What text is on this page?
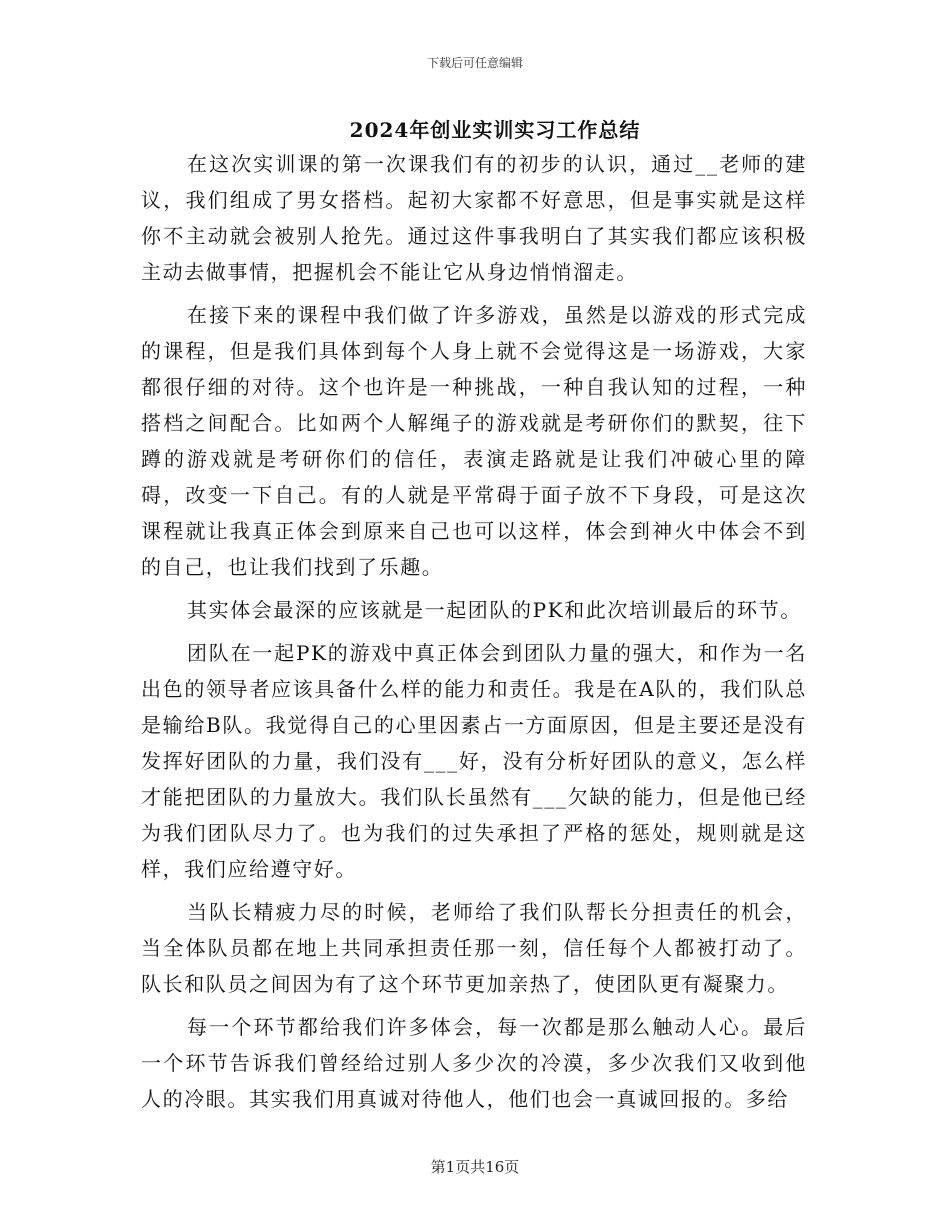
下载后可任意编辑
2024年创业实训实习工作总结

在这次实训课的第一次课我们有的初步的认识，通过__老师的建议，我们组成了男女搭档。起初大家都不好意思，但是事实就是这样你不主动就会被别人抢先。通过这件事我明白了其实我们都应该积极主动去做事情，把握机会不能让它从身边悄悄溜走。

在接下来的课程中我们做了许多游戏，虽然是以游戏的形式完成的课程，但是我们具体到每个人身上就不会觉得这是一场游戏，大家都很仔细的对待。这个也许是一种挑战，一种自我认知的过程，一种搭档之间配合。比如两个人解绳子的游戏就是考研你们的默契，往下蹲的游戏就是考研你们的信任，表演走路就是让我们冲破心里的障碍，改变一下自己。有的人就是平常碍于面子放不下身段，可是这次课程就让我真正体会到原来自己也可以这样，体会到神火中体会不到的自己，也让我们找到了乐趣。

其实体会最深的应该就是一起团队的PK和此次培训最后的环节。

团队在一起PK的游戏中真正体会到团队力量的强大，和作为一名出色的领导者应该具备什么样的能力和责任。我是在A队的，我们队总是输给B队。我觉得自己的心里因素占一方面原因，但是主要还是没有发挥好团队的力量，我们没有___好，没有分析好团队的意义，怎么样才能把团队的力量放大。我们队长虽然有___欠缺的能力，但是他已经为我们团队尽力了。也为我们的过失承担了严格的惩处，规则就是这样，我们应给遵守好。

当队长精疲力尽的时候，老师给了我们队帮长分担责任的机会，当全体队员都在地上共同承担责任那一刻，信任每个人都被打动了。队长和队员之间因为有了这个环节更加亲热了，使团队更有凝聚力。

每一个环节都给我们许多体会，每一次都是那么触动人心。最后一个环节告诉我们曾经给过别人多少次的冷漠，多少次我们又收到他人的冷眼。其实我们用真诚对待他人，他们也会一真诚回报的。多给

第1页共16页
